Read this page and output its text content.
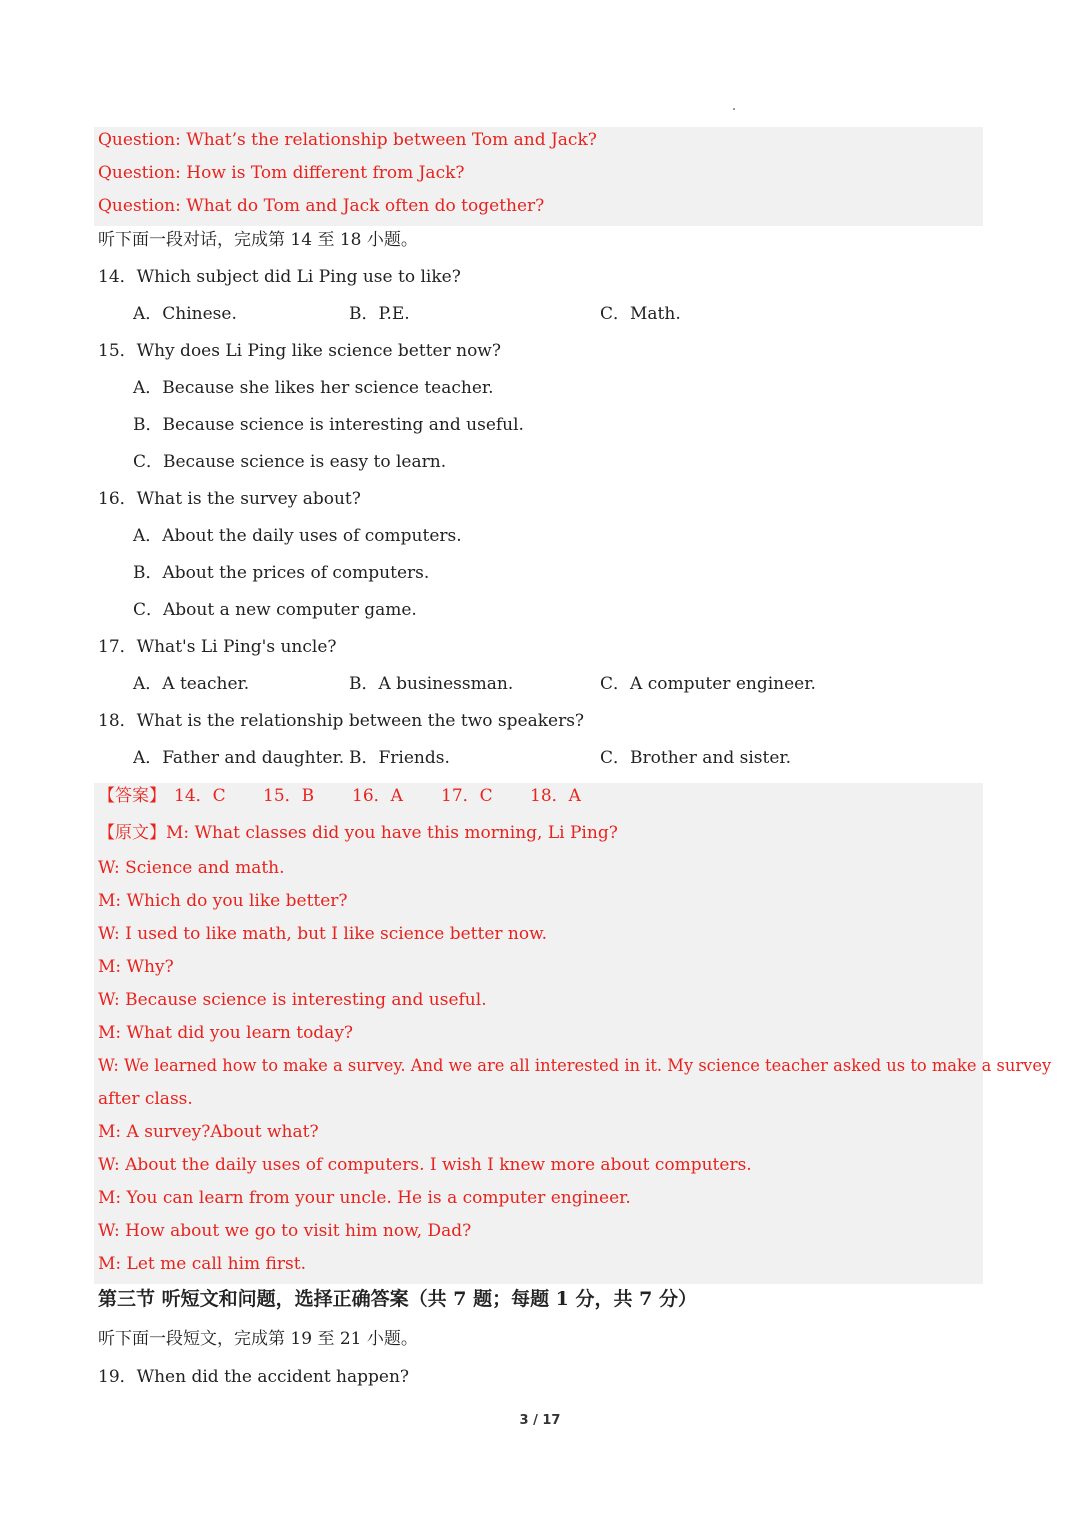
Question: What’s the relationship between Tom and Jack?
Question: How is Tom different from Jack?
Question: What do Tom and Jack often do together?
听下面一段对话，完成第 14 至 18 小题。
14．Which subject did Li Ping use to like?
A．Chinese.	B．P.E.	C．Math.
15．Why does Li Ping like science better now?
A．Because she likes her science teacher.
B．Because science is interesting and useful.
C．Because science is easy to learn.
16．What is the survey about?
A．About the daily uses of computers.
B．About the prices of computers.
C．About a new computer game.
17．What's Li Ping's uncle?
A．A teacher.	B．A businessman.	C．A computer engineer.
18．What is the relationship between the two speakers?
A．Father and daughter. B．Friends.	C．Brother and sister.
【答案】 14．C 15．B 16．A 17．C 18．A
【原文】M: What classes did you have this morning, Li Ping?
W: Science and math.
M: Which do you like better?
W: I used to like math, but I like science better now.
M: Why?
W: Because science is interesting and useful.
M: What did you learn today?
W: We learned how to make a survey. And we are all interested in it. My science teacher asked us to make a survey
after class.
M: A survey?About what?
W: About the daily uses of computers. I wish I knew more about computers.
M: You can learn from your uncle. He is a computer engineer.
W: How about we go to visit him now, Dad?
M: Let me call him first.
第三节 听短文和问题，选择正确答案（共 7 题；每题 1 分，共 7 分）
听下面一段短文，完成第 19 至 21 小题。
19．When did the accident happen?
3 / 17
